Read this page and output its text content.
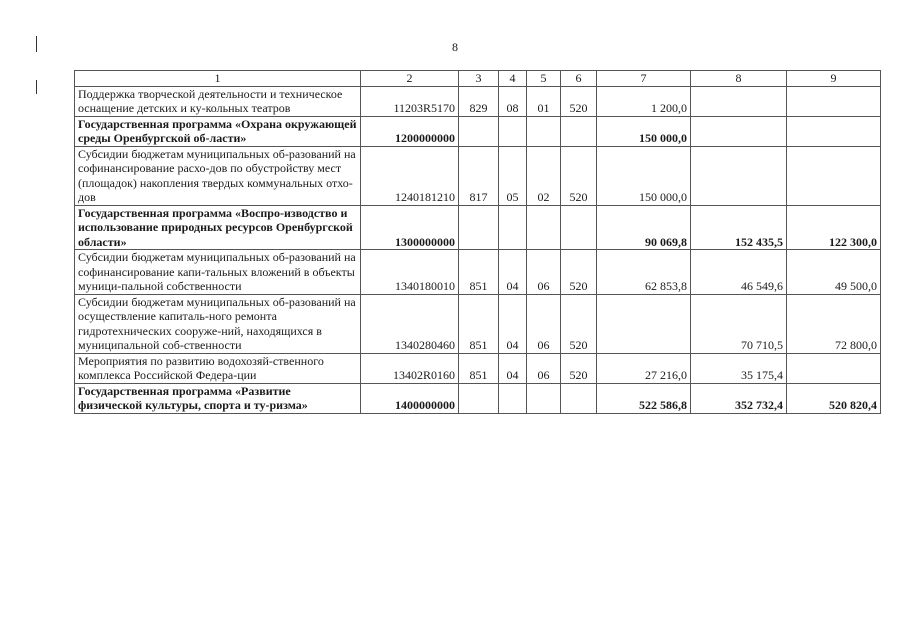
8
1	2	3	4	5	6	7	8	9
Поддержка творческой деятельности и техническое оснащение детских и ку-кольных театров	11203R5170	829	08	01	520	1 200,0		
Государственная программа «Охрана окружающей среды Оренбургской об-ласти»	1200000000					150 000,0		
Субсидии бюджетам муниципальных об-разований на софинансирование расхо-дов по обустройству мест (площадок) накопления твердых коммунальных отхо-дов	1240181210	817	05	02	520	150 000,0		
Государственная программа «Воспро-изводство и использование природных ресурсов Оренбургской области»	1300000000					90 069,8	152 435,5	122 300,0
Субсидии бюджетам муниципальных об-разований на софинансирование капи-тальных вложений в объекты муници-пальной собственности	1340180010	851	04	06	520	62 853,8	46 549,6	49 500,0
Субсидии бюджетам муниципальных об-разований на осуществление капиталь-ного ремонта гидротехнических сооруже-ний, находящихся в муниципальной соб-ственности	1340280460	851	04	06	520		70 710,5	72 800,0
Мероприятия по развитию водохозяй-ственного комплекса Российской Федера-ции	13402R0160	851	04	06	520	27 216,0	35 175,4	
Государственная программа «Развитие физической культуры, спорта и ту-ризма»	1400000000					522 586,8	352 732,4	520 820,4
